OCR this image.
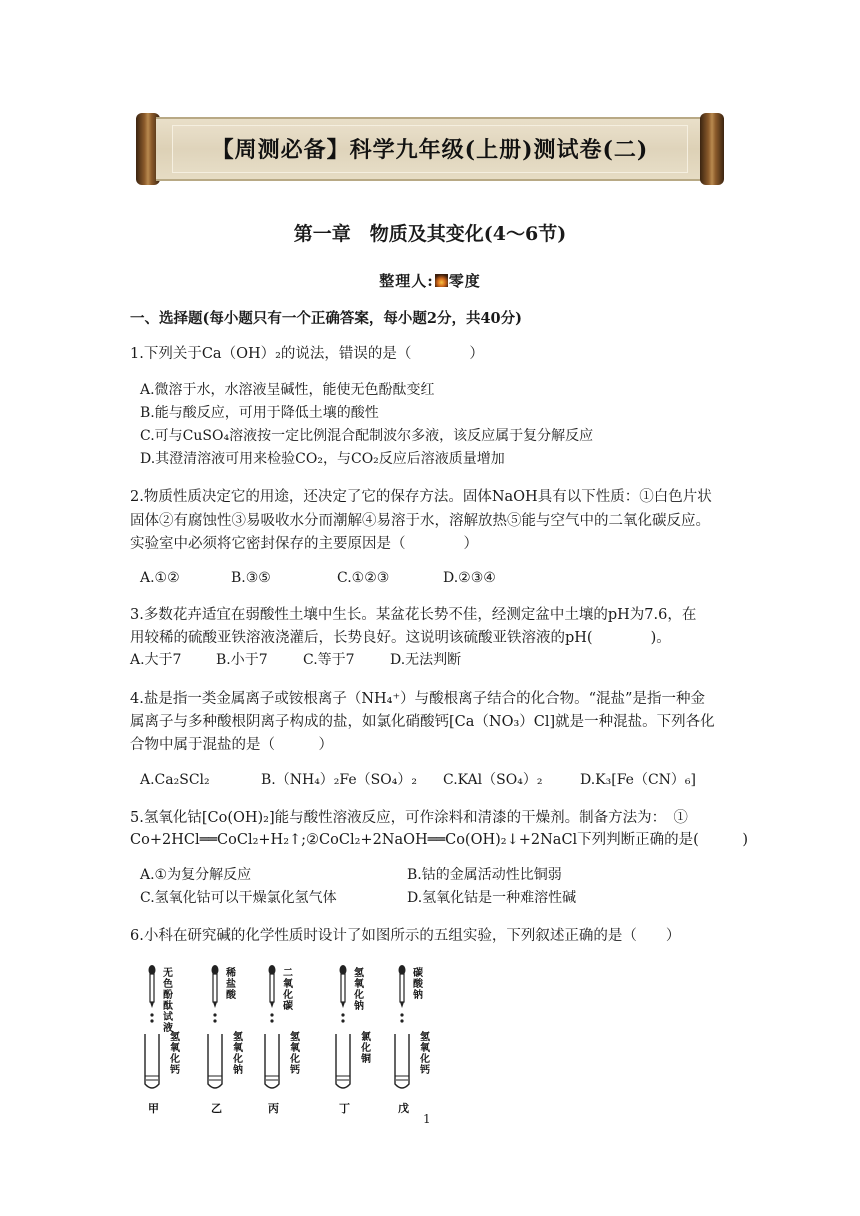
【周测必备】科学九年级(上册)测试卷(二)
第一章　物质及其变化(4～6节)
整理人: 零度
一、选择题(每小题只有一个正确答案，每小题2分，共40分)
1.下列关于Ca（OH）₂的说法，错误的是（　　　　）
A.微溶于水，水溶液呈碱性，能使无色酚酞变红
B.能与酸反应，可用于降低土壤的酸性
C.可与CuSO₄溶液按一定比例混合配制波尔多液，该反应属于复分解反应
D.其澄清溶液可用来检验CO₂，与CO₂反应后溶液质量增加
2.物质性质决定它的用途，还决定了它的保存方法。固体NaOH具有以下性质：①白色片状
固体②有腐蚀性③易吸收水分而潮解④易溶于水，溶解放热⑤能与空气中的二氧化碳反应。
实验室中必须将它密封保存的主要原因是（　　　　）
A.①②	B.③⑤	C.①②③	D.②③④
3.多数花卉适宜在弱酸性土壤中生长。某盆花长势不佳，经测定盆中土壤的pH为7.6，在
用较稀的硫酸亚铁溶液浇灌后，长势良好。这说明该硫酸亚铁溶液的pH(　　　　)。
A.大于7 B.小于7	C.等于7	D.无法判断
4.盐是指一类金属离子或铵根离子（NH₄⁺）与酸根离子结合的化合物。“混盐”是指一种金
属离子与多种酸根阴离子构成的盐，如氯化硝酸钙[Ca（NO₃）Cl]就是一种混盐。下列各化
合物中属于混盐的是（　　　）
A.Ca₂SCl₂	B.（NH₄）₂Fe（SO₄）₂ C.KAl（SO₄）₂	D.K₃[Fe（CN）₆]
5.氢氧化钴[Co(OH)₂]能与酸性溶液反应，可作涂料和清漆的干燥剂。制备方法为：　①
Co+2HCl══CoCl₂+H₂↑;②CoCl₂+2NaOH══Co(OH)₂↓+2NaCl下列判断正确的是(　　　)
A.①为复分解反应	B.钴的金属活动性比铜弱
C.氢氧化钴可以干燥氯化氢气体	D.氢氧化钴是一种难溶性碱
6.小科在研究碱的化学性质时设计了如图所示的五组实验，下列叙述正确的是（　　）
无色酚酞试液
氢氧化钙
甲
稀盐酸
氢氧化钠
乙
二氧化碳
氢氧化钙
丙
氢氧化钠
氯化铜
丁
碳酸钠
氢氧化钙
戊
1
